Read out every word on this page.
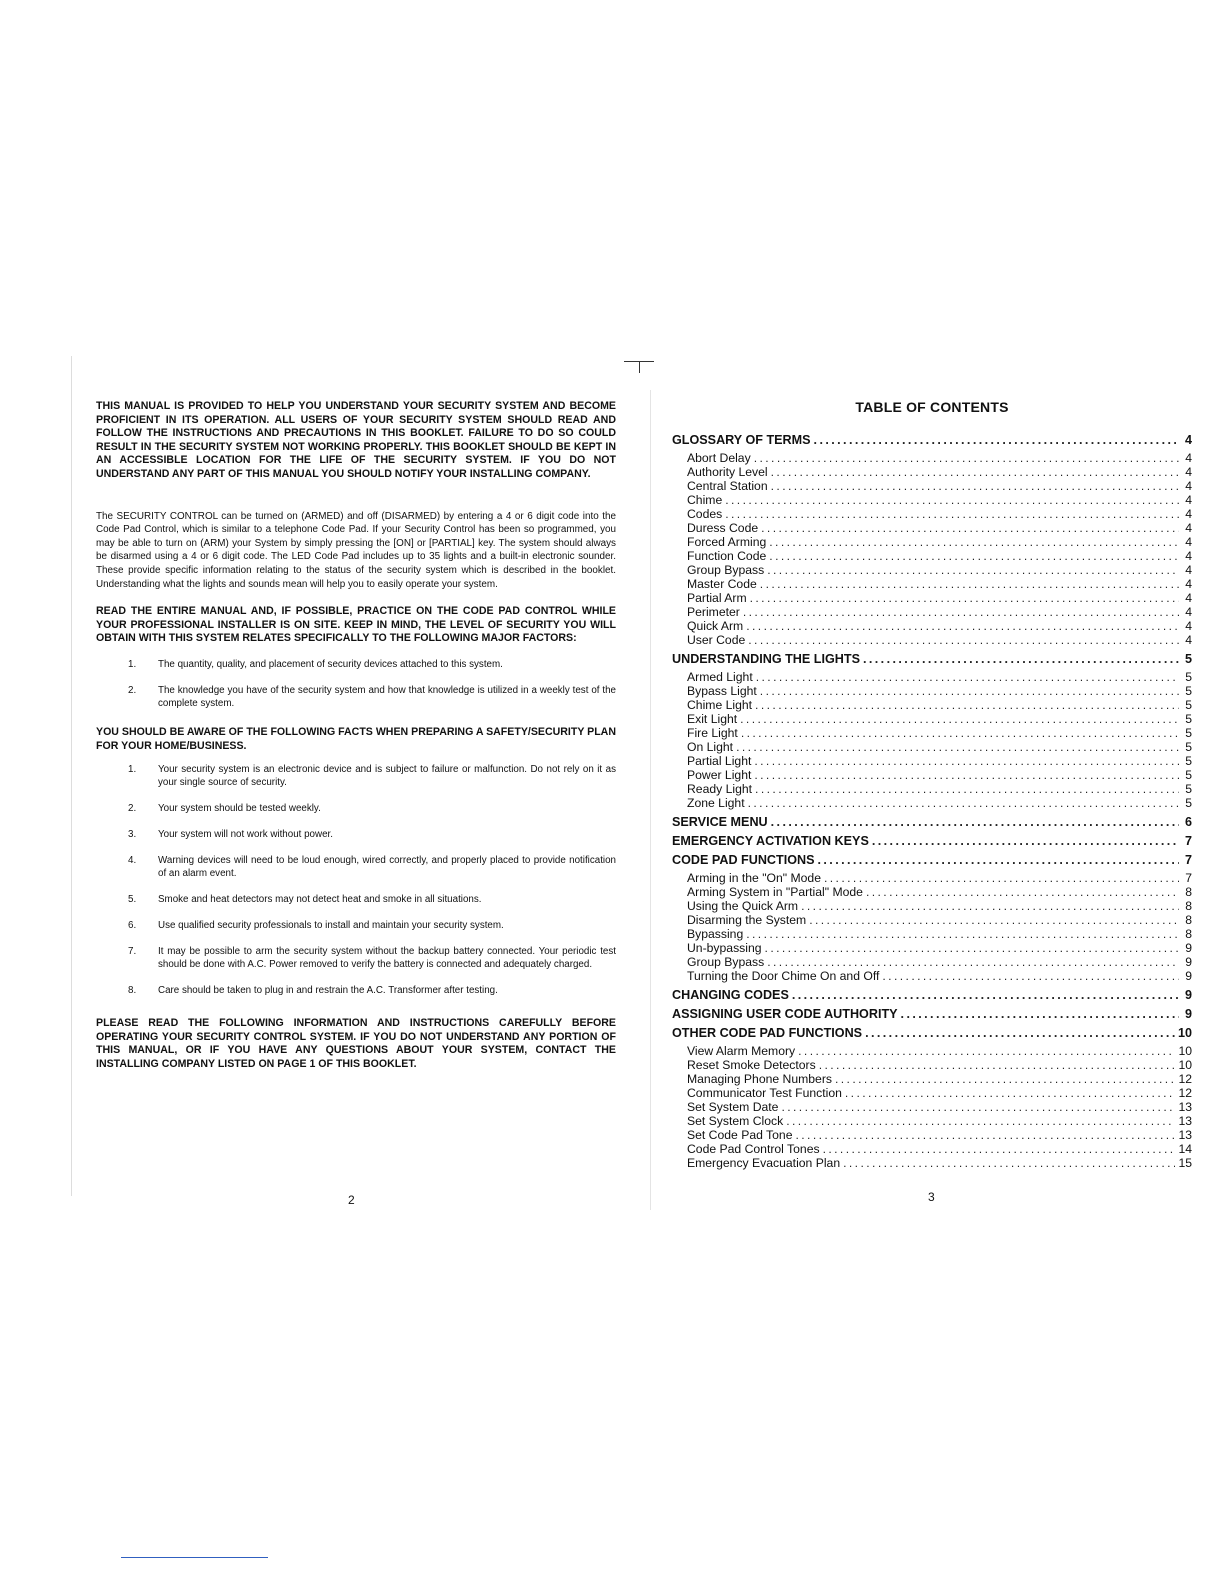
THIS MANUAL IS PROVIDED TO HELP YOU UNDERSTAND YOUR SECURITY SYSTEM AND BECOME PROFICIENT IN ITS OPERATION. ALL USERS OF YOUR SECURITY SYSTEM SHOULD READ AND FOLLOW THE INSTRUCTIONS AND PRECAUTIONS IN THIS BOOKLET. FAILURE TO DO SO COULD RESULT IN THE SECURITY SYSTEM NOT WORKING PROPERLY. THIS BOOKLET SHOULD BE KEPT IN AN ACCESSIBLE LOCATION FOR THE LIFE OF THE SECURITY SYSTEM. IF YOU DO NOT UNDERSTAND ANY PART OF THIS MANUAL YOU SHOULD NOTIFY YOUR INSTALLING COMPANY.

The SECURITY CONTROL can be turned on (ARMED) and off (DISARMED) by entering a 4 or 6 digit code into the Code Pad Control, which is similar to a telephone Code Pad. If your Security Control has been so programmed, you may be able to turn on (ARM) your System by simply pressing the [ON] or [PARTIAL] key. The system should always be disarmed using a 4 or 6 digit code. The LED Code Pad includes up to 35 lights and a built-in electronic sounder. These provide specific information relating to the status of the security system which is described in the booklet. Understanding what the lights and sounds mean will help you to easily operate your system.

READ THE ENTIRE MANUAL AND, IF POSSIBLE, PRACTICE ON THE CODE PAD CONTROL WHILE YOUR PROFESSIONAL INSTALLER IS ON SITE. KEEP IN MIND, THE LEVEL OF SECURITY YOU WILL OBTAIN WITH THIS SYSTEM RELATES SPECIFICALLY TO THE FOLLOWING MAJOR FACTORS:

1.	The quantity, quality, and placement of security devices attached to this system.
2.	The knowledge you have of the security system and how that knowledge is utilized in a weekly test of the complete system.

YOU SHOULD BE AWARE OF THE FOLLOWING FACTS WHEN PREPARING A SAFETY/SECURITY PLAN FOR YOUR HOME/BUSINESS.

1.	Your security system is an electronic device and is subject to failure or malfunction. Do not rely on it as your single source of security.
2.	Your system should be tested weekly.
3.	Your system will not work without power.
4.	Warning devices will need to be loud enough, wired correctly, and properly placed to provide notification of an alarm event.
5.	Smoke and heat detectors may not detect heat and smoke in all situations.
6.	Use qualified security professionals to install and maintain your security system.
7.	It may be possible to arm the security system without the backup battery connected. Your periodic test should be done with A.C. Power removed to verify the battery is connected and adequately charged.
8.	Care should be taken to plug in and restrain the A.C. Transformer after testing.

PLEASE READ THE FOLLOWING INFORMATION AND INSTRUCTIONS CAREFULLY BEFORE OPERATING YOUR SECURITY CONTROL SYSTEM. IF YOU DO NOT UNDERSTAND ANY PORTION OF THIS MANUAL, OR IF YOU HAVE ANY QUESTIONS ABOUT YOUR SYSTEM, CONTACT THE INSTALLING COMPANY LISTED ON PAGE 1 OF THIS BOOKLET.

2
TABLE OF CONTENTS
GLOSSARY OF TERMS .....	4
Abort Delay .....	4
Authority Level .....	4
Central Station .....	4
Chime .....	4
Codes .....	4
Duress Code .....	4
Forced Arming .....	4
Function Code .....	4
Group Bypass .....	4
Master Code .....	4
Partial Arm .....	4
Perimeter .....	4
Quick Arm .....	4
User Code .....	4
UNDERSTANDING THE LIGHTS .....	5
Armed Light .....	5
Bypass Light .....	5
Chime Light .....	5
Exit Light .....	5
Fire Light .....	5
On Light .....	5
Partial Light .....	5
Power Light .....	5
Ready Light .....	5
Zone Light .....	5
SERVICE MENU .....	6
EMERGENCY ACTIVATION KEYS .....	7
CODE PAD FUNCTIONS .....	7
Arming in the "On" Mode .....	7
Arming System in "Partial" Mode .....	8
Using the Quick Arm .....	8
Disarming the System .....	8
Bypassing .....	8
Un-bypassing .....	9
Group Bypass .....	9
Turning the Door Chime On and Off .....	9
CHANGING CODES .....	9
ASSIGNING USER CODE AUTHORITY .....	9
OTHER CODE PAD FUNCTIONS .....	10
View Alarm Memory .....	10
Reset Smoke Detectors .....	10
Managing Phone Numbers .....	12
Communicator Test Function .....	12
Set System Date .....	13
Set System Clock .....	13
Set Code Pad Tone .....	13
Code Pad Control Tones .....	14
Emergency Evacuation Plan .....	15
3
